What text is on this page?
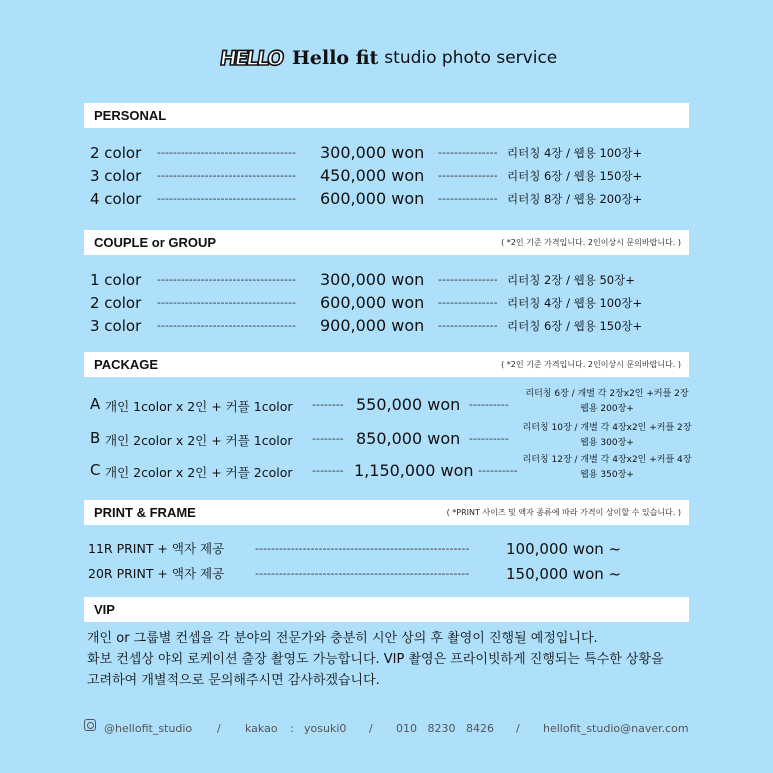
HELLO Hello fit studio photo service
PERSONAL
2 color -----------------------------------	300,000 won --------------- 리터칭 4장 / 웹용 100장+
3 color -----------------------------------	450,000 won --------------- 리터칭 6장 / 웹용 150장+
4 color -----------------------------------	600,000 won --------------- 리터칭 8장 / 웹용 200장+
COUPLE or GROUP	( *2인 기준 가격입니다. 2인이상시 문의바랍니다. )
1 color -----------------------------------	300,000 won --------------- 리터칭 2장 / 웹용 50장+
2 color -----------------------------------	600,000 won --------------- 리터칭 4장 / 웹용 100장+
3 color -----------------------------------	900,000 won --------------- 리터칭 6장 / 웹용 150장+
PACKAGE	( *2인 기준 가격입니다. 2인이상시 문의바랍니다. )
A 개인 1color x 2인 + 커플 1color -------- 550,000 won ----------
리터칭 6장 / 개별 각 2장x2인 +커플 2장
웹용 200장+
B 개인 2color x 2인 + 커플 1color -------- 850,000 won ----------
리터칭 10장 / 개별 각 4장x2인 +커플 2장
웹용 300장+
C 개인 2color x 2인 + 커플 2color -------- 1,150,000 won ----------
리터칭 12장 / 개별 각 4장x2인 +커플 4장
웹용 350장+
PRINT & FRAME	( *PRINT 사이즈 및 액자 종류에 따라 가격이 상이할 수 있습니다. )
11R PRINT + 액자 제공	------------------------------------------------------	100,000 won ~
20R PRINT + 액자 제공	------------------------------------------------------	150,000 won ~
VIP
개인 or 그룹별 컨셉을 각 분야의 전문가와 충분히 시안 상의 후 촬영이 진행될 예정입니다.
화보 컨셉상 야외 로케이션 출장 촬영도 가능합니다. VIP 촬영은 프라이빗하게 진행되는 특수한 상황을
고려하여 개별적으로 문의해주시면 감사하겠습니다.
@hellofit_studio / kakao : yosuki0 / 010   8230   8426 / hellofit_studio@naver.com
